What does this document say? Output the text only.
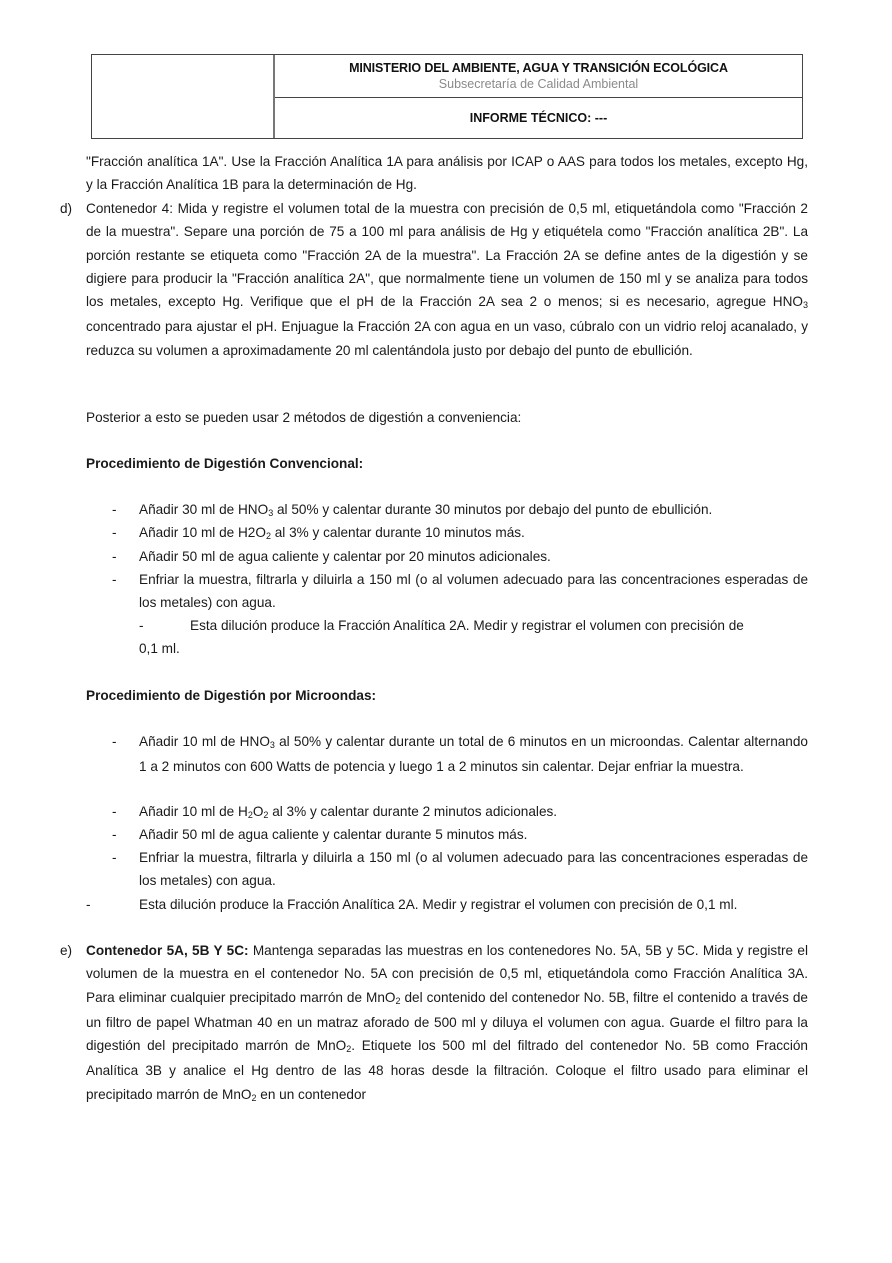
MINISTERIO DEL AMBIENTE, AGUA Y TRANSICIÓN ECOLÓGICA
Subsecretaría de Calidad Ambiental
INFORME TÉCNICO: ---
"Fracción analítica 1A". Use la Fracción Analítica 1A para análisis por ICAP o AAS para todos los metales, excepto Hg, y la Fracción Analítica 1B para la determinación de Hg.
d) Contenedor 4: Mida y registre el volumen total de la muestra con precisión de 0,5 ml, etiquetándola como "Fracción 2 de la muestra". Separe una porción de 75 a 100 ml para análisis de Hg y etiquétela como "Fracción analítica 2B". La porción restante se etiqueta como "Fracción 2A de la muestra". La Fracción 2A se define antes de la digestión y se digiere para producir la "Fracción analítica 2A", que normalmente tiene un volumen de 150 ml y se analiza para todos los metales, excepto Hg. Verifique que el pH de la Fracción 2A sea 2 o menos; si es necesario, agregue $HNO_3$ concentrado para ajustar el pH. Enjuague la Fracción 2A con agua en un vaso, cúbralo con un vidrio reloj acanalado, y reduzca su volumen a aproximadamente 20 ml calentándola justo por debajo del punto de ebullición.
Posterior a esto se pueden usar 2 métodos de digestión a conveniencia:
Procedimiento de Digestión Convencional:
- Añadir 30 ml de $HNO_3$ al 50% y calentar durante 30 minutos por debajo del punto de ebullición.
- Añadir 10 ml de $H2O_2$ al 3% y calentar durante 10 minutos más.
- Añadir 50 ml de agua caliente y calentar por 20 minutos adicionales.
- Enfriar la muestra, filtrarla y diluirla a 150 ml (o al volumen adecuado para las concentraciones esperadas de los metales) con agua.
-	Esta dilución produce la Fracción Analítica 2A. Medir y registrar el volumen con precisión de
0,1 ml.
Procedimiento de Digestión por Microondas:
- Añadir 10 ml de $HNO_3$ al 50% y calentar durante un total de 6 minutos en un microondas. Calentar alternando 1 a 2 minutos con 600 Watts de potencia y luego 1 a 2 minutos sin calentar. Dejar enfriar la muestra.
- Añadir 10 ml de $H_2O_2$ al 3% y calentar durante 2 minutos adicionales.
- Añadir 50 ml de agua caliente y calentar durante 5 minutos más.
- Enfriar la muestra, filtrarla y diluirla a 150 ml (o al volumen adecuado para las concentraciones esperadas de los metales) con agua.
-	Esta dilución produce la Fracción Analítica 2A. Medir y registrar el volumen con precisión de 0,1 ml.
e) Contenedor 5A, 5B Y 5C: Mantenga separadas las muestras en los contenedores No. 5A, 5B y 5C. Mida y registre el volumen de la muestra en el contenedor No. 5A con precisión de 0,5 ml, etiquetándola como Fracción Analítica 3A. Para eliminar cualquier precipitado marrón de MnO$_2$ del contenido del contenedor No. 5B, filtre el contenido a través de un filtro de papel Whatman 40 en un matraz aforado de 500 ml y diluya el volumen con agua. Guarde el filtro para la digestión del precipitado marrón de MnO$_2$. Etiquete los 500 ml del filtrado del contenedor No. 5B como Fracción Analítica 3B y analice el Hg dentro de las 48 horas desde la filtración. Coloque el filtro usado para eliminar el precipitado marrón de MnO$_2$ en un contenedor
